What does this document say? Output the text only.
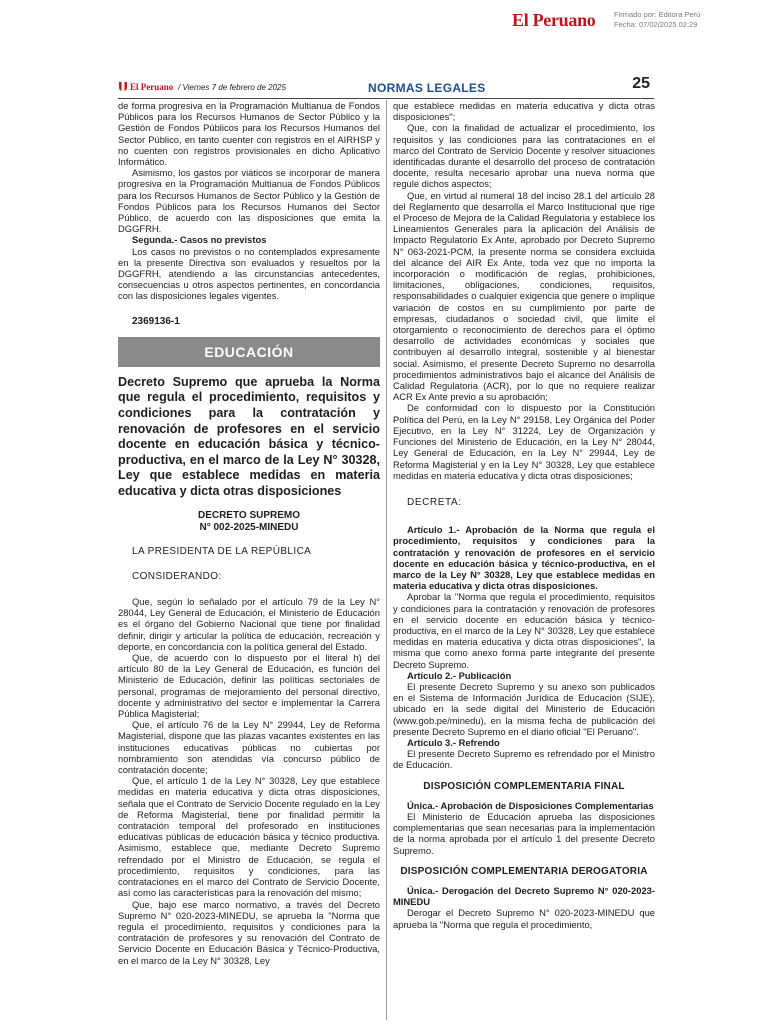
El Peruano Firmado por: Editora Perú
Fecha: 07/02/2025 02:29
El Peruano / Viernes 7 de febrero de 2025	NORMAS LEGALES	25

de forma progresiva en la Programación Multianua de Fondos Públicos para los Recursos Humanos de Sector Público y la Gestión de Fondos Públicos para los Recursos Humanos del Sector Público, en tanto cuenter con registros en el AIRHSP y no cuenten con registros provisionales en dicho Aplicativo Informático.

Asimismo, los gastos por viáticos se incorporar de manera progresiva en la Programación Multianua de Fondos Públicos para los Recursos Humanos de Sector Público y la Gestión de Fondos Públicos para los Recursos Humanos del Sector Público, de acuerdo con las disposiciones que emita la DGGFRH.

Segunda.- Casos no previstos

Los casos no previstos o no contemplados expresamente en la presente Directiva son evaluados y resueltos por la DGGFRH, atendiendo a las circunstancias antecedentes, consecuencias u otros aspectos pertinentes, en concordancia con las disposiciones legales vigentes.

2369136-1
EDUCACIÓN
Decreto Supremo que aprueba la Norma que regula el procedimiento, requisitos y condiciones para la contratación y renovación de profesores en el servicio docente en educación básica y técnico-productiva, en el marco de la Ley N° 30328, Ley que establece medidas en materia educativa y dicta otras disposiciones
DECRETO SUPREMO
N° 002-2025-MINEDU
LA PRESIDENTA DE LA REPÚBLICA
CONSIDERANDO:

Que, según lo señalado por el artículo 79 de la Ley N° 28044, Ley General de Educación, el Ministerio de Educación es el órgano del Gobierno Nacional que tiene por finalidad definir, dirigir y articular la política de educación, recreación y deporte, en concordancia con la política general del Estado.

Que, de acuerdo con lo dispuesto por el literal h) del artículo 80 de la Ley General de Educación, es función del Ministerio de Educación, definir las políticas sectoriales de personal, programas de mejoramiento del personal directivo, docente y administrativo del sector e implementar la Carrera Pública Magisterial;

Que, el artículo 76 de la Ley N° 29944, Ley de Reforma Magisterial, dispone que las plazas vacantes existentes en las instituciones educativas públicas no cubiertas por nombramiento son atendidas vía concurso público de contratación docente;

Que, el artículo 1 de la Ley N° 30328, Ley que establece medidas en materia educativa y dicta otras disposiciones, señala que el Contrato de Servicio Docente regulado en la Ley de Reforma Magisterial, tiene por finalidad permitir la contratación temporal del profesorado en instituciones educativas públicas de educación básica y técnico productiva. Asimismo, establece que, mediante Decreto Supremo refrendado por el Ministro de Educación, se regula el procedimiento, requisitos y condiciones, para las contrataciones en el marco del Contrato de Servicio Docente, así como las características para la renovación del mismo;

Que, bajo ese marco normativo, a través del Decreto Supremo N° 020-2023-MINEDU, se aprueba la "Norma que regula el procedimiento, requisitos y condiciones para la contratación de profesores y su renovación del Contrato de Servicio Docente en Educación Básica y Técnico-Productiva, en el marco de la Ley N° 30328, Ley

que establece medidas en materia educativa y dicta otras disposiciones";

Que, con la finalidad de actualizar el procedimiento, los requisitos y las condiciones para las contrataciones en el marco del Contrato de Servicio Docente y resolver situaciones identificadas durante el desarrollo del proceso de contratación docente, resulta necesario aprobar una nueva norma que regule dichos aspectos;

Que, en virtud al numeral 18 del inciso 28.1 del artículo 28 del Reglamento que desarrolla el Marco Institucional que rige el Proceso de Mejora de la Calidad Regulatoria y establece los Lineamientos Generales para la aplicación del Análisis de Impacto Regulatorio Ex Ante, aprobado por Decreto Supremo N° 063-2021-PCM, la presente norma se considera excluida del alcance del AIR Ex Ante, toda vez que no importa la incorporación o modificación de reglas, prohibiciones, limitaciones, obligaciones, condiciones, requisitos, responsabilidades o cualquier exigencia que genere o implique variación de costos en su cumplimiento por parte de empresas, ciudadanos o sociedad civil, que limite el otorgamiento o reconocimiento de derechos para el óptimo desarrollo de actividades económicas y sociales que contribuyen al desarrollo integral, sostenible y al bienestar social. Asimismo, el presente Decreto Supremo no desarrolla procedimientos administrativos bajo el alcance del Análisis de Calidad Regulatoria (ACR), por lo que no requiere realizar ACR Ex Ante previo a su aprobación;

De conformidad con lo dispuesto por la Constitución Política del Perú, en la Ley N° 29158, Ley Orgánica del Poder Ejecutivo, en la Ley N° 31224, Ley de Organización y Funciones del Ministerio de Educación, en la Ley N° 28044, Ley General de Educación, en la Ley N° 29944, Ley de Reforma Magisterial y en la Ley N° 30328, Ley que establece medidas en materia educativa y dicta otras disposiciones;

DECRETA:

Artículo 1.- Aprobación de la Norma que regula el procedimiento, requisitos y condiciones para la contratación y renovación de profesores en el servicio docente en educación básica y técnico-productiva, en el marco de la Ley N° 30328, Ley que establece medidas en materia educativa y dicta otras disposiciones.

Aprobar la "Norma que regula el procedimiento, requisitos y condiciones para la contratación y renovación de profesores en el servicio docente en educación básica y técnico-productiva, en el marco de la Ley N° 30328, Ley que establece medidas en materia educativa y dicta otras disposiciones", la misma que como anexo forma parte integrante del presente Decreto Supremo.

Artículo 2.- Publicación

El presente Decreto Supremo y su anexo son publicados en el Sistema de Información Jurídica de Educación (SIJE), ubicado en la sede digital del Ministerio de Educación (www.gob.pe/minedu), en la misma fecha de publicación del presente Decreto Supremo en el diario oficial "El Peruano".

Artículo 3.- Refrendo

El presente Decreto Supremo es refrendado por el Ministro de Educación.

DISPOSICIÓN COMPLEMENTARIA FINAL

Única.- Aprobación de Disposiciones Complementarias

El Ministerio de Educación aprueba las disposiciones complementarias que sean necesarias para la implementación de la norma aprobada por el artículo 1 del presente Decreto Supremo.

DISPOSICIÓN COMPLEMENTARIA DEROGATORIA

Única.- Derogación del Decreto Supremo N° 020-2023-MINEDU

Derogar el Decreto Supremo N° 020-2023-MINEDU que aprueba la "Norma que regula el procedimiento,
